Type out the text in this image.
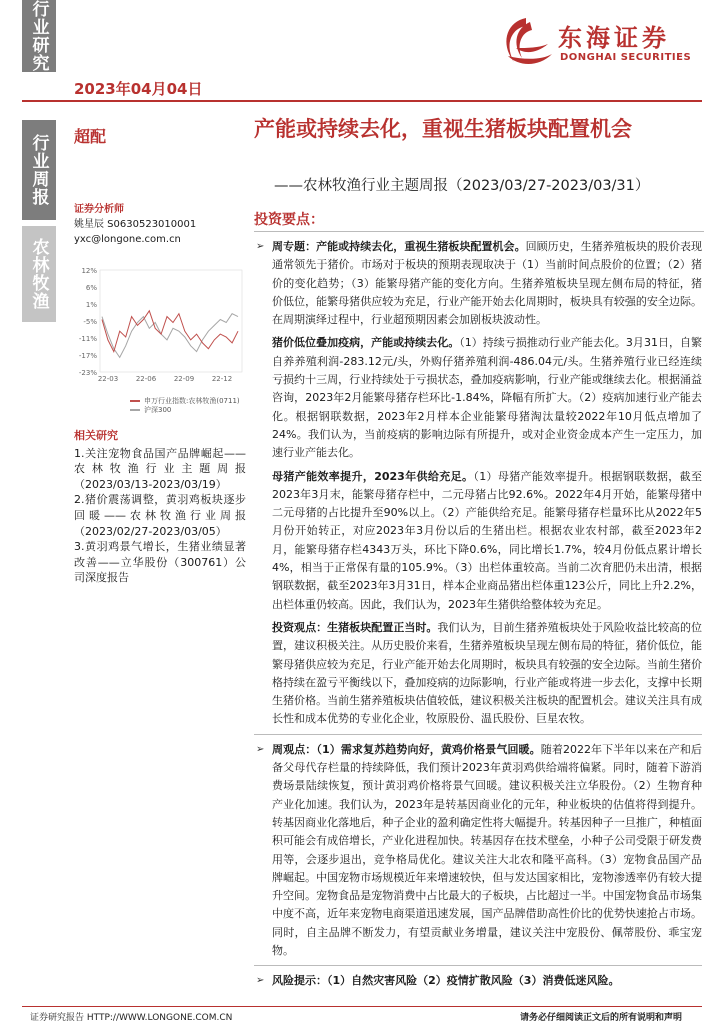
行业研究
行业周报
农林牧渔
2023年04月04日
东海证券
DONGHAI SECURITIES
超配	产能或持续去化，重视生猪板块配置机会
——农林牧渔行业主题周报（2023/03/27-2023/03/31）
证券分析师
姚星辰 S0630523010001
yxc@longone.com.cn
12%
6%
1%
-5%
-11%
-17%
-23%
22-03	22-06	22-09	22-12
申万行业指数:农林牧渔(0711)
沪深300
相关研究
1.关注宠物食品国产品牌崛起——农林牧渔行业主题周报（2023/03/13-2023/03/19）
2.猪价震荡调整，黄羽鸡板块逐步回暖——农林牧渔行业周报（2023/02/27-2023/03/05）
3.黄羽鸡景气增长，生猪业绩显著改善——立华股份（300761）公司深度报告
投资要点：
➢ 周专题：产能或持续去化，重视生猪板块配置机会。回顾历史，生猪养殖板块的股价表现通常领先于猪价。市场对于板块的预期表现取决于（1）当前时间点股价的位置；（2）猪价的变化趋势；（3）能繁母猪产能的变化方向。生猪养殖板块呈现左侧布局的特征，猪价低位，能繁母猪供应较为充足，行业产能开始去化周期时，板块具有较强的安全边际。在周期演绎过程中，行业超预期因素会加剧板块波动性。
猪价低位叠加疫病，产能或持续去化。（1）持续亏损推动行业产能去化。3月31日，自繁自养养殖利润-283.12元/头，外购仔猪养殖利润-486.04元/头。生猪养殖行业已经连续亏损约十三周，行业持续处于亏损状态，叠加疫病影响，行业产能或继续去化。根据涌益咨询，2023年2月能繁母猪存栏环比-1.84%，降幅有所扩大。（2）疫病加速行业产能去化。根据钢联数据，2023年2月样本企业能繁母猪淘汰量较2022年10月低点增加了24%。我们认为，当前疫病的影响边际有所提升，或对企业资金成本产生一定压力，加速行业产能去化。
母猪产能效率提升，2023年供给充足。（1）母猪产能效率提升。根据钢联数据，截至2023年3月末，能繁母猪存栏中，二元母猪占比92.6%。2022年4月开始，能繁母猪中二元母猪的占比提升至90%以上。（2）产能供给充足。能繁母猪存栏量环比从2022年5月份开始转正，对应2023年3月份以后的生猪出栏。根据农业农村部，截至2023年2月，能繁母猪存栏4343万头，环比下降0.6%，同比增长1.7%，较4月份低点累计增长4%，相当于正常保有量的105.9%。（3）出栏体重较高。当前二次育肥仍未出清，根据钢联数据，截至2023年3月31日，样本企业商品猪出栏体重123公斤，同比上升2.2%，出栏体重仍较高。因此，我们认为，2023年生猪供给整体较为充足。
投资观点：生猪板块配置正当时。我们认为，目前生猪养殖板块处于风险收益比较高的位置，建议积极关注。从历史股价来看，生猪养殖板块呈现左侧布局的特征，猪价低位，能繁母猪供应较为充足，行业产能开始去化周期时，板块具有较强的安全边际。当前生猪价格持续在盈亏平衡线以下，叠加疫病的边际影响，行业产能或将进一步去化，支撑中长期生猪价格。当前生猪养殖板块估值较低，建议积极关注板块的配置机会。建议关注具有成长性和成本优势的专业化企业，牧原股份、温氏股份、巨星农牧。
➢ 周观点：（1）需求复苏趋势向好，黄鸡价格景气回暖。随着2022年下半年以来在产和后备父母代存栏量的持续降低，我们预计2023年黄羽鸡供给端将偏紧。同时，随着下游消费场景陆续恢复，预计黄羽鸡价格将景气回暖。建议积极关注立华股份。（2）生物育种产业化加速。我们认为，2023年是转基因商业化的元年，种业板块的估值将得到提升。转基因商业化落地后，种子企业的盈利确定性将大幅提升。转基因种子一旦推广，种植面积可能会有成倍增长，产业化进程加快。转基因存在技术壁垒，小种子公司受限于研发费用等，会逐步退出，竞争格局优化。建议关注大北农和隆平高科。（3）宠物食品国产品牌崛起。中国宠物市场规模近年来增速较快，但与发达国家相比，宠物渗透率仍有较大提升空间。宠物食品是宠物消费中占比最大的子板块，占比超过一半。中国宠物食品市场集中度不高，近年来宠物电商渠道迅速发展，国产品牌借助高性价比的优势快速抢占市场。同时，自主品牌不断发力，有望贡献业务增量，建议关注中宠股份、佩蒂股份、乖宝宠物。
➢ 风险提示：（1）自然灾害风险（2）疫情扩散风险（3）消费低迷风险。
证券研究报告 HTTP://WWW.LONGONE.COM.CN	请务必仔细阅读正文后的所有说明和声明
